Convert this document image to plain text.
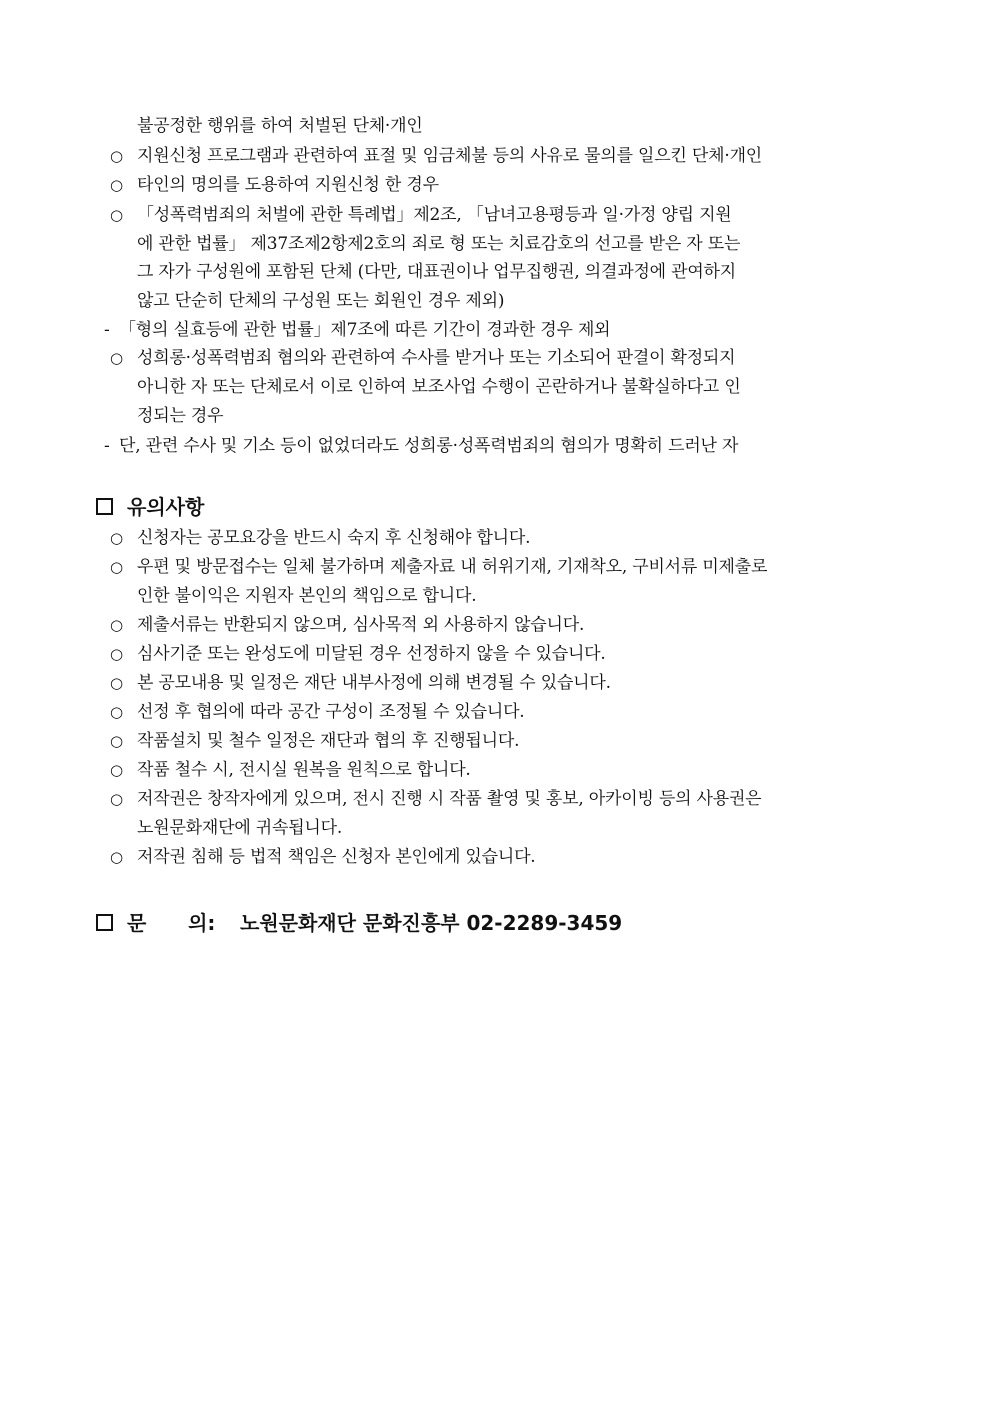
불공정한 행위를 하여 처벌된 단체·개인
○ 지원신청 프로그램과 관련하여 표절 및 임금체불 등의 사유로 물의를 일으킨 단체·개인
○ 타인의 명의를 도용하여 지원신청 한 경우
○ 「성폭력범죄의 처벌에 관한 특례법」제2조, 「남녀고용평등과 일·가정 양립 지원
에 관한 법률」 제37조제2항제2호의 죄로 형 또는 치료감호의 선고를 받은 자 또는
그 자가 구성원에 포함된 단체 (다만, 대표권이나 업무집행권, 의결과정에 관여하지
않고 단순히 단체의 구성원 또는 회원인 경우 제외)
- 「형의 실효등에 관한 법률」제7조에 따른 기간이 경과한 경우 제외
○ 성희롱·성폭력범죄 혐의와 관련하여 수사를 받거나 또는 기소되어 판결이 확정되지
아니한 자 또는 단체로서 이로 인하여 보조사업 수행이 곤란하거나 불확실하다고 인
정되는 경우
- 단, 관련 수사 및 기소 등이 없었더라도 성희롱·성폭력범죄의 혐의가 명확히 드러난 자
유의사항
○ 신청자는 공모요강을 반드시 숙지 후 신청해야 합니다.
○ 우편 및 방문접수는 일체 불가하며 제출자료 내 허위기재, 기재착오, 구비서류 미제출로
인한 불이익은 지원자 본인의 책임으로 합니다.
○ 제출서류는 반환되지 않으며, 심사목적 외 사용하지 않습니다.
○ 심사기준 또는 완성도에 미달된 경우 선정하지 않을 수 있습니다.
○ 본 공모내용 및 일정은 재단 내부사정에 의해 변경될 수 있습니다.
○ 선정 후 협의에 따라 공간 구성이 조정될 수 있습니다.
○ 작품설치 및 철수 일정은 재단과 협의 후 진행됩니다.
○ 작품 철수 시, 전시실 원복을 원칙으로 합니다.
○ 저작권은 창작자에게 있으며, 전시 진행 시 작품 촬영 및 홍보, 아카이빙 등의 사용권은
노원문화재단에 귀속됩니다.
○ 저작권 침해 등 법적 책임은 신청자 본인에게 있습니다.
문      의: 노원문화재단 문화진흥부 02-2289-3459
